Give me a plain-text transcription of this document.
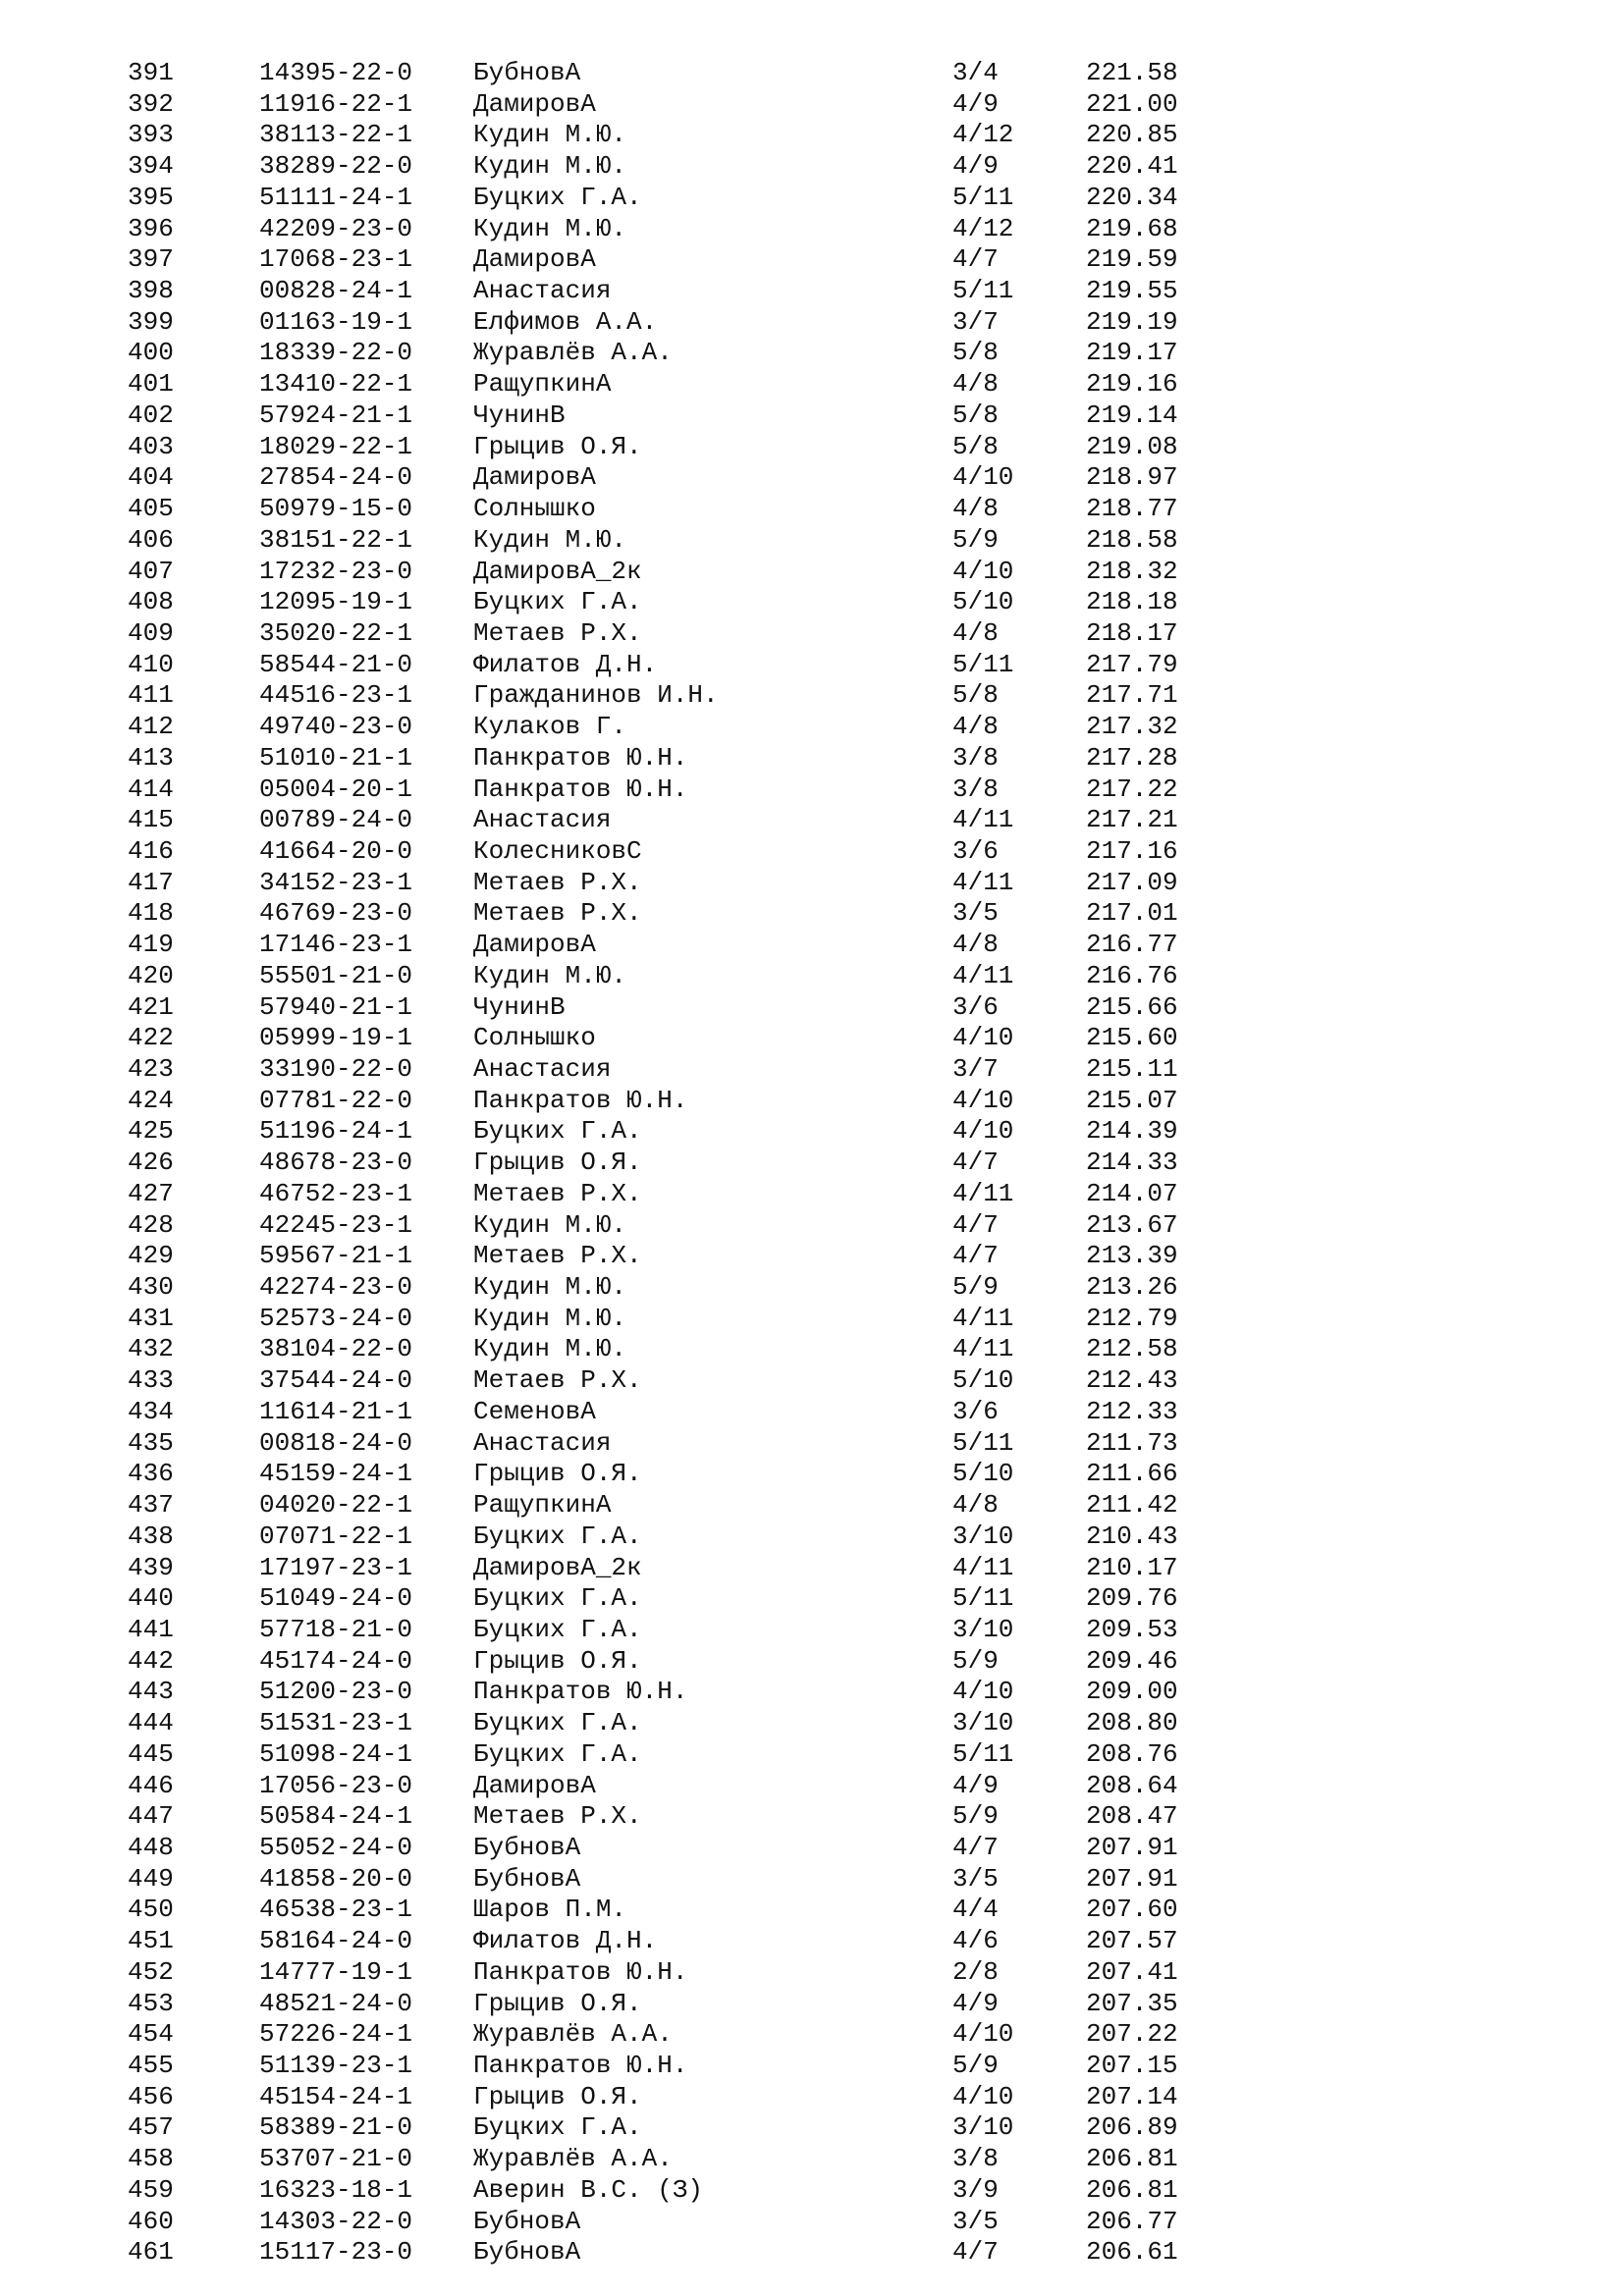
391	14395-22-0 БубновА	3/4	221.58
392	11916-22-1 ДамировА	4/9	221.00
393	38113-22-1 Кудин М.Ю.	4/12	220.85
394	38289-22-0 Кудин М.Ю.	4/9	220.41
395	51111-24-1 Буцких Г.А.	5/11	220.34
396	42209-23-0 Кудин М.Ю.	4/12	219.68
397	17068-23-1 ДамировА	4/7	219.59
398	00828-24-1 Анастасия	5/11	219.55
399	01163-19-1 Елфимов А.А.	3/7	219.19
400	18339-22-0 Журавлёв А.А.	5/8	219.17
401	13410-22-1 РащупкинА	4/8	219.16
402	57924-21-1 ЧунинВ	5/8	219.14
403	18029-22-1 Грыцив О.Я.	5/8	219.08
404	27854-24-0 ДамировА	4/10	218.97
405	50979-15-0 Солнышко	4/8	218.77
406	38151-22-1 Кудин М.Ю.	5/9	218.58
407	17232-23-0 ДамировА_2к	4/10	218.32
408	12095-19-1 Буцких Г.А.	5/10	218.18
409	35020-22-1 Метаев Р.Х.	4/8	218.17
410	58544-21-0 Филатов Д.Н.	5/11	217.79
411	44516-23-1 Гражданинов И.Н.	5/8	217.71
412	49740-23-0 Кулаков Г.	4/8	217.32
413	51010-21-1 Панкратов Ю.Н.	3/8	217.28
414	05004-20-1 Панкратов Ю.Н.	3/8	217.22
415	00789-24-0 Анастасия	4/11	217.21
416	41664-20-0 КолесниковС	3/6	217.16
417	34152-23-1 Метаев Р.Х.	4/11	217.09
418	46769-23-0 Метаев Р.Х.	3/5	217.01
419	17146-23-1 ДамировА	4/8	216.77
420	55501-21-0 Кудин М.Ю.	4/11	216.76
421	57940-21-1 ЧунинВ	3/6	215.66
422	05999-19-1 Солнышко	4/10	215.60
423	33190-22-0 Анастасия	3/7	215.11
424	07781-22-0 Панкратов Ю.Н.	4/10	215.07
425	51196-24-1 Буцких Г.А.	4/10	214.39
426	48678-23-0 Грыцив О.Я.	4/7	214.33
427	46752-23-1 Метаев Р.Х.	4/11	214.07
428	42245-23-1 Кудин М.Ю.	4/7	213.67
429	59567-21-1 Метаев Р.Х.	4/7	213.39
430	42274-23-0 Кудин М.Ю.	5/9	213.26
431	52573-24-0 Кудин М.Ю.	4/11	212.79
432	38104-22-0 Кудин М.Ю.	4/11	212.58
433	37544-24-0 Метаев Р.Х.	5/10	212.43
434	11614-21-1 СеменовА	3/6	212.33
435	00818-24-0 Анастасия	5/11	211.73
436	45159-24-1 Грыцив О.Я.	5/10	211.66
437	04020-22-1 РащупкинА	4/8	211.42
438	07071-22-1 Буцких Г.А.	3/10	210.43
439	17197-23-1 ДамировА_2к	4/11	210.17
440	51049-24-0 Буцких Г.А.	5/11	209.76
441	57718-21-0 Буцких Г.А.	3/10	209.53
442	45174-24-0 Грыцив О.Я.	5/9	209.46
443	51200-23-0 Панкратов Ю.Н.	4/10	209.00
444	51531-23-1 Буцких Г.А.	3/10	208.80
445	51098-24-1 Буцких Г.А.	5/11	208.76
446	17056-23-0 ДамировА	4/9	208.64
447	50584-24-1 Метаев Р.Х.	5/9	208.47
448	55052-24-0 БубновА	4/7	207.91
449	41858-20-0 БубновА	3/5	207.91
450	46538-23-1 Шаров П.М.	4/4	207.60
451	58164-24-0 Филатов Д.Н.	4/6	207.57
452	14777-19-1 Панкратов Ю.Н.	2/8	207.41
453	48521-24-0 Грыцив О.Я.	4/9	207.35
454	57226-24-1 Журавлёв А.А.	4/10	207.22
455	51139-23-1 Панкратов Ю.Н.	5/9	207.15
456	45154-24-1 Грыцив О.Я.	4/10	207.14
457	58389-21-0 Буцких Г.А.	3/10	206.89
458	53707-21-0 Журавлёв А.А.	3/8	206.81
459	16323-18-1 Аверин В.С. (З)	3/9	206.81
460	14303-22-0 БубновА	3/5	206.77
461	15117-23-0 БубновА	4/7	206.61
